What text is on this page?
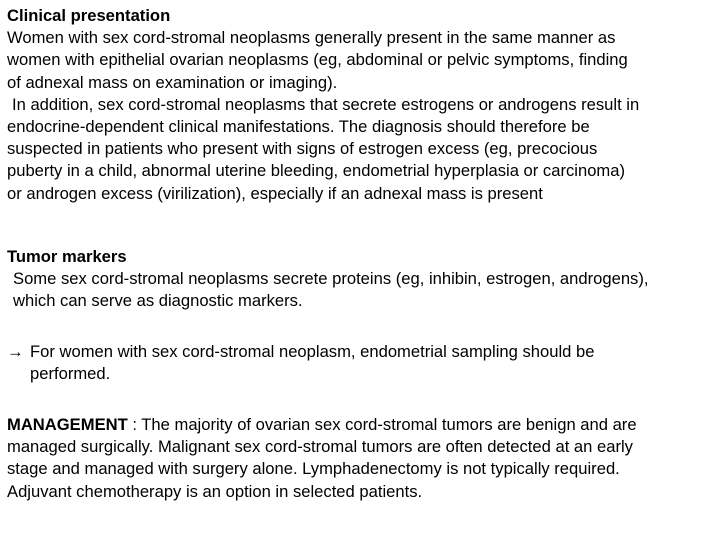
Clinical presentation
Women with sex cord-stromal neoplasms generally present in the same manner as
women with epithelial ovarian neoplasms (eg, abdominal or pelvic symptoms, finding
of adnexal mass on examination or imaging).
In addition, sex cord-stromal neoplasms that secrete estrogens or androgens result in
endocrine-dependent clinical manifestations. The diagnosis should therefore be
suspected in patients who present with signs of estrogen excess (eg, precocious
puberty in a child, abnormal uterine bleeding, endometrial hyperplasia or carcinoma)
or androgen excess (virilization), especially if an adnexal mass is present
Tumor markers
Some sex cord-stromal neoplasms secrete proteins (eg, inhibin, estrogen, androgens),
which can serve as diagnostic markers.
→ For women with sex cord-stromal neoplasm, endometrial sampling should be
performed.
MANAGEMENT : The majority of ovarian sex cord-stromal tumors are benign and are
managed surgically. Malignant sex cord-stromal tumors are often detected at an early
stage and managed with surgery alone. Lymphadenectomy is not typically required.
Adjuvant chemotherapy is an option in selected patients.
